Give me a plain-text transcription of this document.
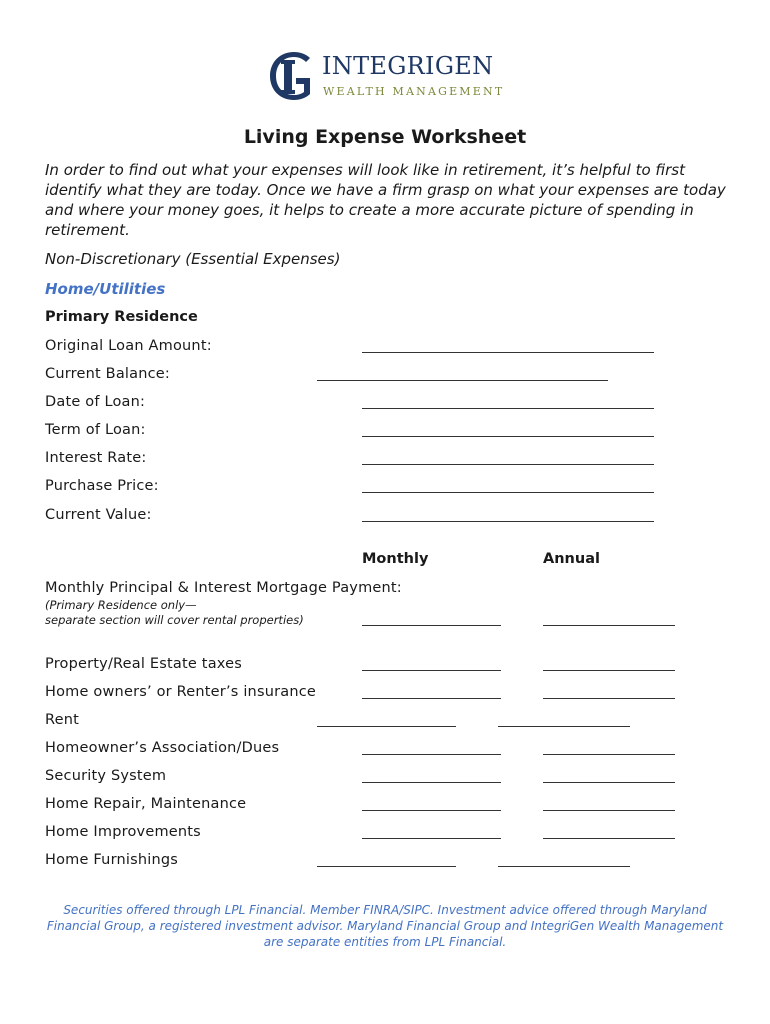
INTEGRIGEN
WEALTH MANAGEMENT
Living Expense Worksheet
In order to find out what your expenses will look like in retirement, it’s helpful to first identify what they are today. Once we have a firm grasp on what your expenses are today and where your money goes, it helps to create a more accurate picture of spending in retirement.
Non-Discretionary (Essential Expenses)
Home/Utilities
Primary Residence
Original Loan Amount:
Current Balance:
Date of Loan:
Term of Loan:
Interest Rate:
Purchase Price:
Current Value:
Monthly	Annual
Monthly Principal & Interest Mortgage Payment:
(Primary Residence only—
separate section will cover rental properties)
Property/Real Estate taxes
Home owners’ or Renter’s insurance
Rent
Homeowner’s Association/Dues
Security System
Home Repair, Maintenance
Home Improvements
Home Furnishings
Securities offered through LPL Financial. Member FINRA/SIPC. Investment advice offered through Maryland Financial Group, a registered investment advisor. Maryland Financial Group and IntegriGen Wealth Management are separate entities from LPL Financial.
